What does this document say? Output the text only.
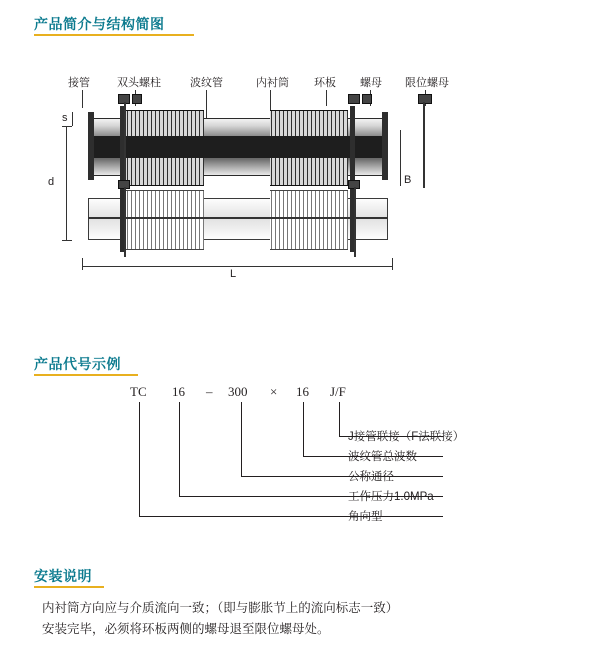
产品简介与结构简图
接管 双头螺柱	波纹管	内衬筒 环板 螺母 限位螺母
s
d	B
L
产品代号示例
TC 16 – 300 × 16 J/F
J接管联接（F法联接）
波纹管总波数
公称通径
工作压力1.0MPa
角向型
安装说明
内衬筒方向应与介质流向一致；（即与膨胀节上的流向标志一致）
安装完毕，必须将环板两侧的螺母退至限位螺母处。
